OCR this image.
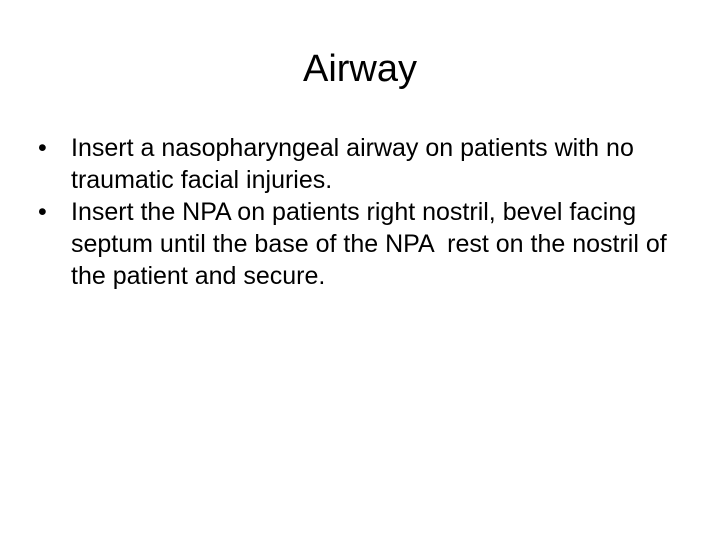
Airway
• Insert a nasopharyngeal airway on patients with no traumatic facial injuries.
• Insert the NPA on patients right nostril, bevel facing septum until the base of the NPA  rest on the nostril of the patient and secure.
